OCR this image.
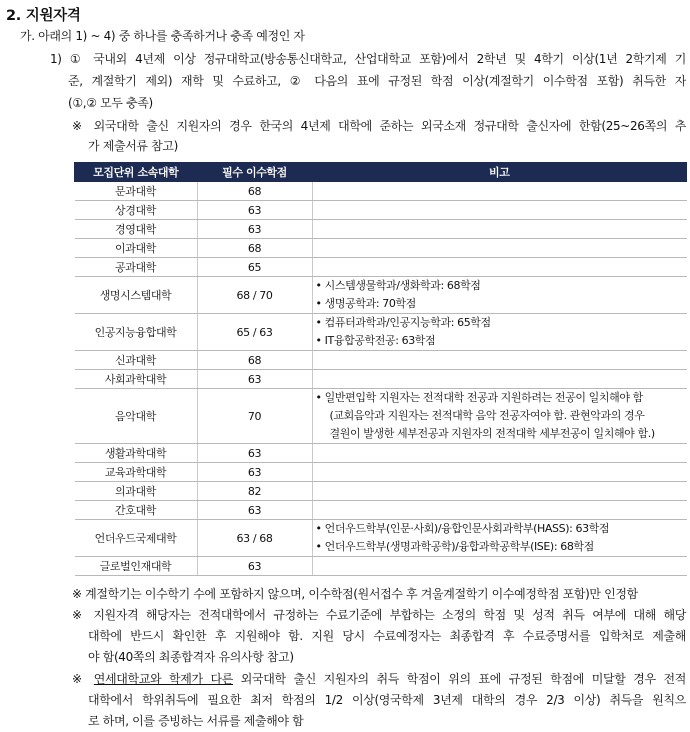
2. 지원자격
가. 아래의 1) ~ 4) 중 하나를 충족하거나 충족 예정인 자
1) ① 국내외 4년제 이상 정규대학교(방송통신대학교, 산업대학교 포함)에서 2학년 및 4학기 이상(1년 2학기제 기
준, 계절학기 제외) 재학 및 수료하고, ② 다음의 표에 규정된 학점 이상(계절학기 이수학점 포함) 취득한 자
(①,② 모두 충족)
※ 외국대학 출신 지원자의 경우 한국의 4년제 대학에 준하는 외국소재 정규대학 출신자에 한함(25~26쪽의 추
가 제출서류 참고)
모집단위 소속대학	필수 이수학점	비고
문과대학	68	
상경대학	63	
경영대학	63	
이과대학	68	
공과대학	65	
생명시스템대학	68 / 70	• 시스템생물학과/생화학과: 68학점
• 생명공학과: 70학점

인공지능융합대학	65 / 63	• 컴퓨터과학과/인공지능학과: 65학점
• IT융합공학전공: 63학점

신과대학	68	
사회과학대학	63	
음악대학	70	• 일반편입학 지원자는 전적대학 전공과 지원하려는 전공이 일치해야 함
(교회음악과 지원자는 전적대학 음악 전공자여야 함. 관현악과의 경우
결원이 발생한 세부전공과 지원자의 전적대학 세부전공이 일치해야 함.)

생활과학대학	63	
교육과학대학	63	
의과대학	82	
간호대학	63	
언더우드국제대학	63 / 68	• 언더우드학부(인문·사회)/융합인문사회과학부(HASS): 63학점
• 언더우드학부(생명과학공학)/융합과학공학부(ISE): 68학점

글로벌인재대학	63	
※ 계절학기는 이수학기 수에 포함하지 않으며, 이수학점(원서접수 후 겨울계절학기 이수예정학점 포함)만 인정함
※ 지원자격 해당자는 전적대학에서 규정하는 수료기준에 부합하는 소정의 학점 및 성적 취득 여부에 대해 해당
대학에 반드시 확인한 후 지원해야 함. 지원 당시 수료예정자는 최종합격 후 수료증명서를 입학처로 제출해
야 함(40쪽의 최종합격자 유의사항 참고)
※ 연세대학교와 학제가 다른 외국대학 출신 지원자의 취득 학점이 위의 표에 규정된 학점에 미달할 경우 전적
대학에서 학위취득에 필요한 최저 학점의 1/2 이상(영국학제 3년제 대학의 경우 2/3 이상) 취득을 원칙으
로 하며, 이를 증빙하는 서류를 제출해야 함
